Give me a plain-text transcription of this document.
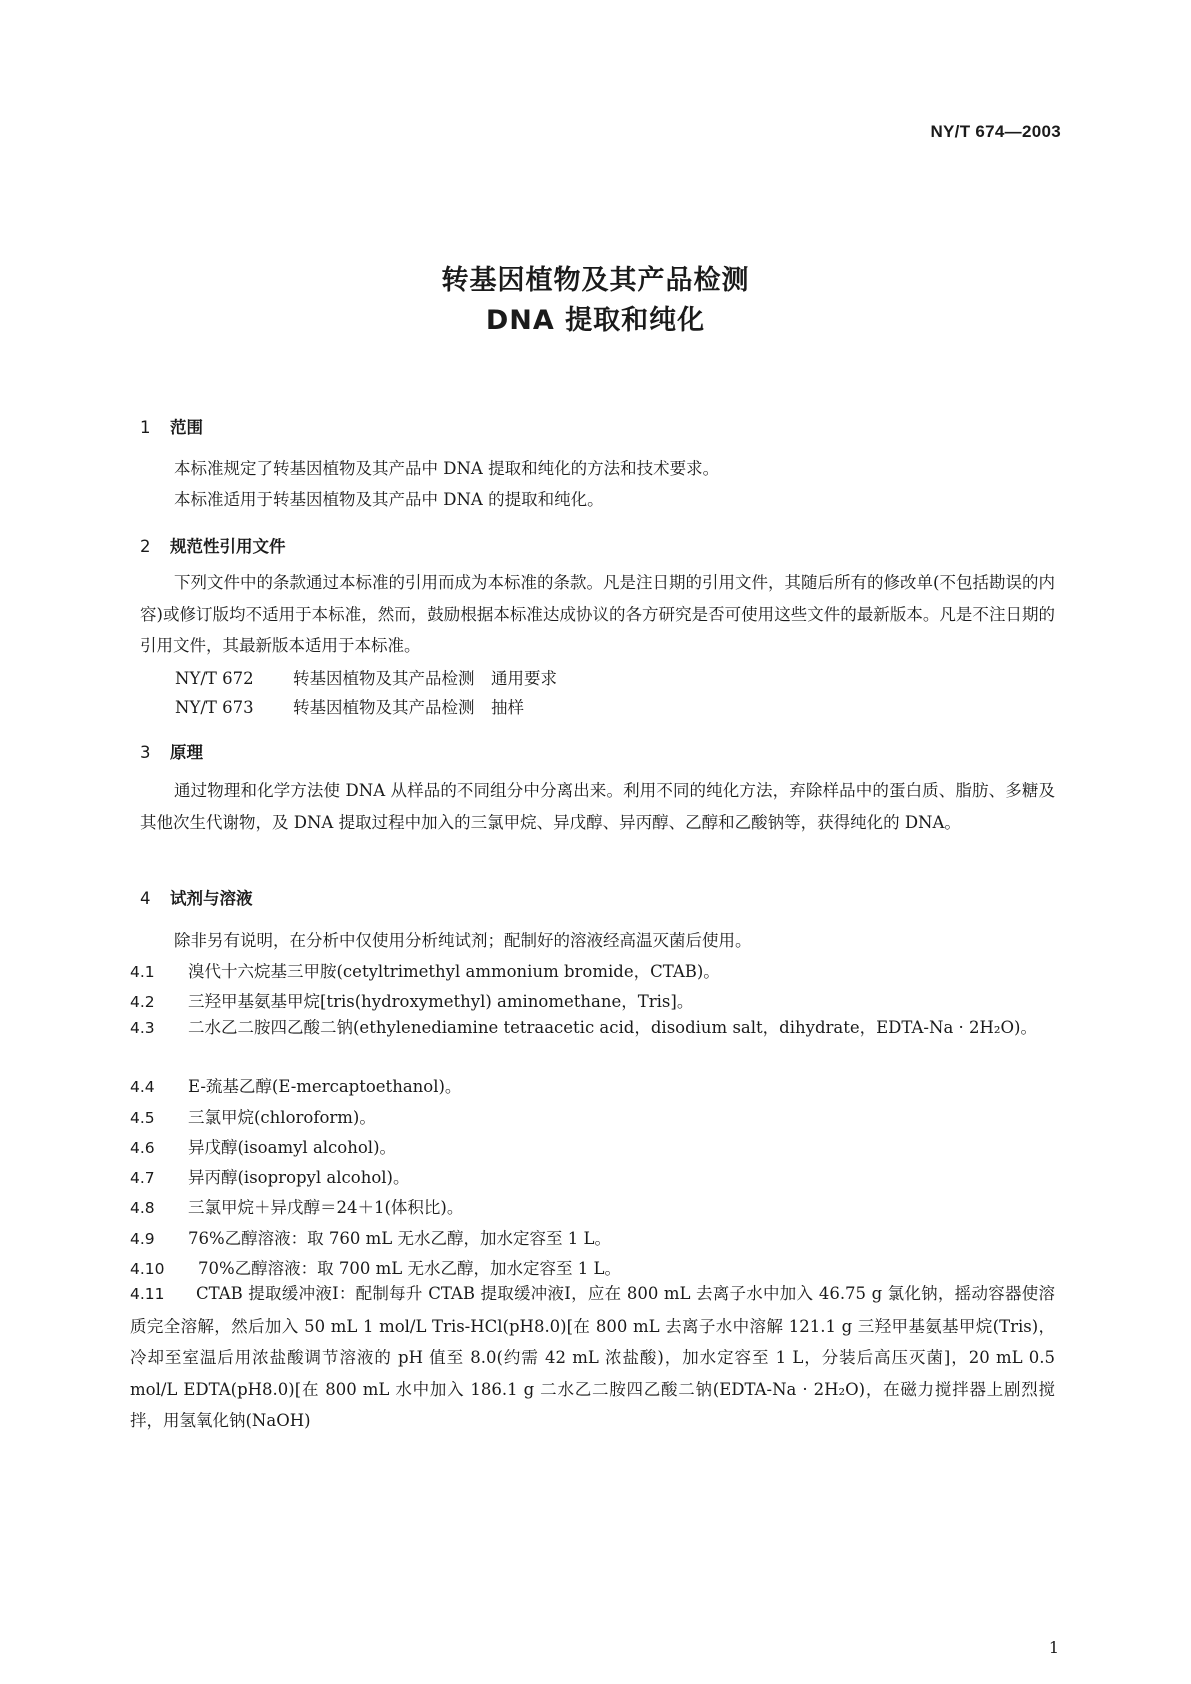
NY/T 674—2003
转基因植物及其产品检测
DNA 提取和纯化
1 范围
本标准规定了转基因植物及其产品中 DNA 提取和纯化的方法和技术要求。
本标准适用于转基因植物及其产品中 DNA 的提取和纯化。
2 规范性引用文件
下列文件中的条款通过本标准的引用而成为本标准的条款。凡是注日期的引用文件，其随后所有的修改单(不包括勘误的内容)或修订版均不适用于本标准，然而，鼓励根据本标准达成协议的各方研究是否可使用这些文件的最新版本。凡是不注日期的引用文件，其最新版本适用于本标准。
NY/T 672 转基因植物及其产品检测　通用要求
NY/T 673 转基因植物及其产品检测　抽样
3 原理
通过物理和化学方法使 DNA 从样品的不同组分中分离出来。利用不同的纯化方法，弃除样品中的蛋白质、脂肪、多糖及其他次生代谢物，及 DNA 提取过程中加入的三氯甲烷、异戊醇、异丙醇、乙醇和乙酸钠等，获得纯化的 DNA。
4 试剂与溶液
除非另有说明，在分析中仅使用分析纯试剂；配制好的溶液经高温灭菌后使用。
4.1 溴代十六烷基三甲胺(cetyltrimethyl ammonium bromide，CTAB)。
4.2 三羟甲基氨基甲烷[tris(hydroxymethyl) aminomethane，Tris]。
4.3 二水乙二胺四乙酸二钠(ethylenediamine tetraacetic acid，disodium salt，dihydrate，EDTA-Na · 2H₂O)。
4.4 E-巯基乙醇(E-mercaptoethanol)。
4.5 三氯甲烷(chloroform)。
4.6 异戊醇(isoamyl alcohol)。
4.7 异丙醇(isopropyl alcohol)。
4.8 三氯甲烷＋异戊醇＝24＋1(体积比)。
4.9 76%乙醇溶液：取 760 mL 无水乙醇，加水定容至 1 L。
4.10 70%乙醇溶液：取 700 mL 无水乙醇，加水定容至 1 L。
4.11 CTAB 提取缓冲液Ⅰ：配制每升 CTAB 提取缓冲液Ⅰ，应在 800 mL 去离子水中加入 46.75 g 氯化钠，摇动容器使溶质完全溶解，然后加入 50 mL 1 mol/L Tris-HCl(pH8.0)[在 800 mL 去离子水中溶解 121.1 g 三羟甲基氨基甲烷(Tris)，冷却至室温后用浓盐酸调节溶液的 pH 值至 8.0(约需 42 mL 浓盐酸)，加水定容至 1 L，分装后高压灭菌]，20 mL 0.5 mol/L EDTA(pH8.0)[在 800 mL 水中加入 186.1 g 二水乙二胺四乙酸二钠(EDTA-Na · 2H₂O)，在磁力搅拌器上剧烈搅拌，用氢氧化钠(NaOH)
1
